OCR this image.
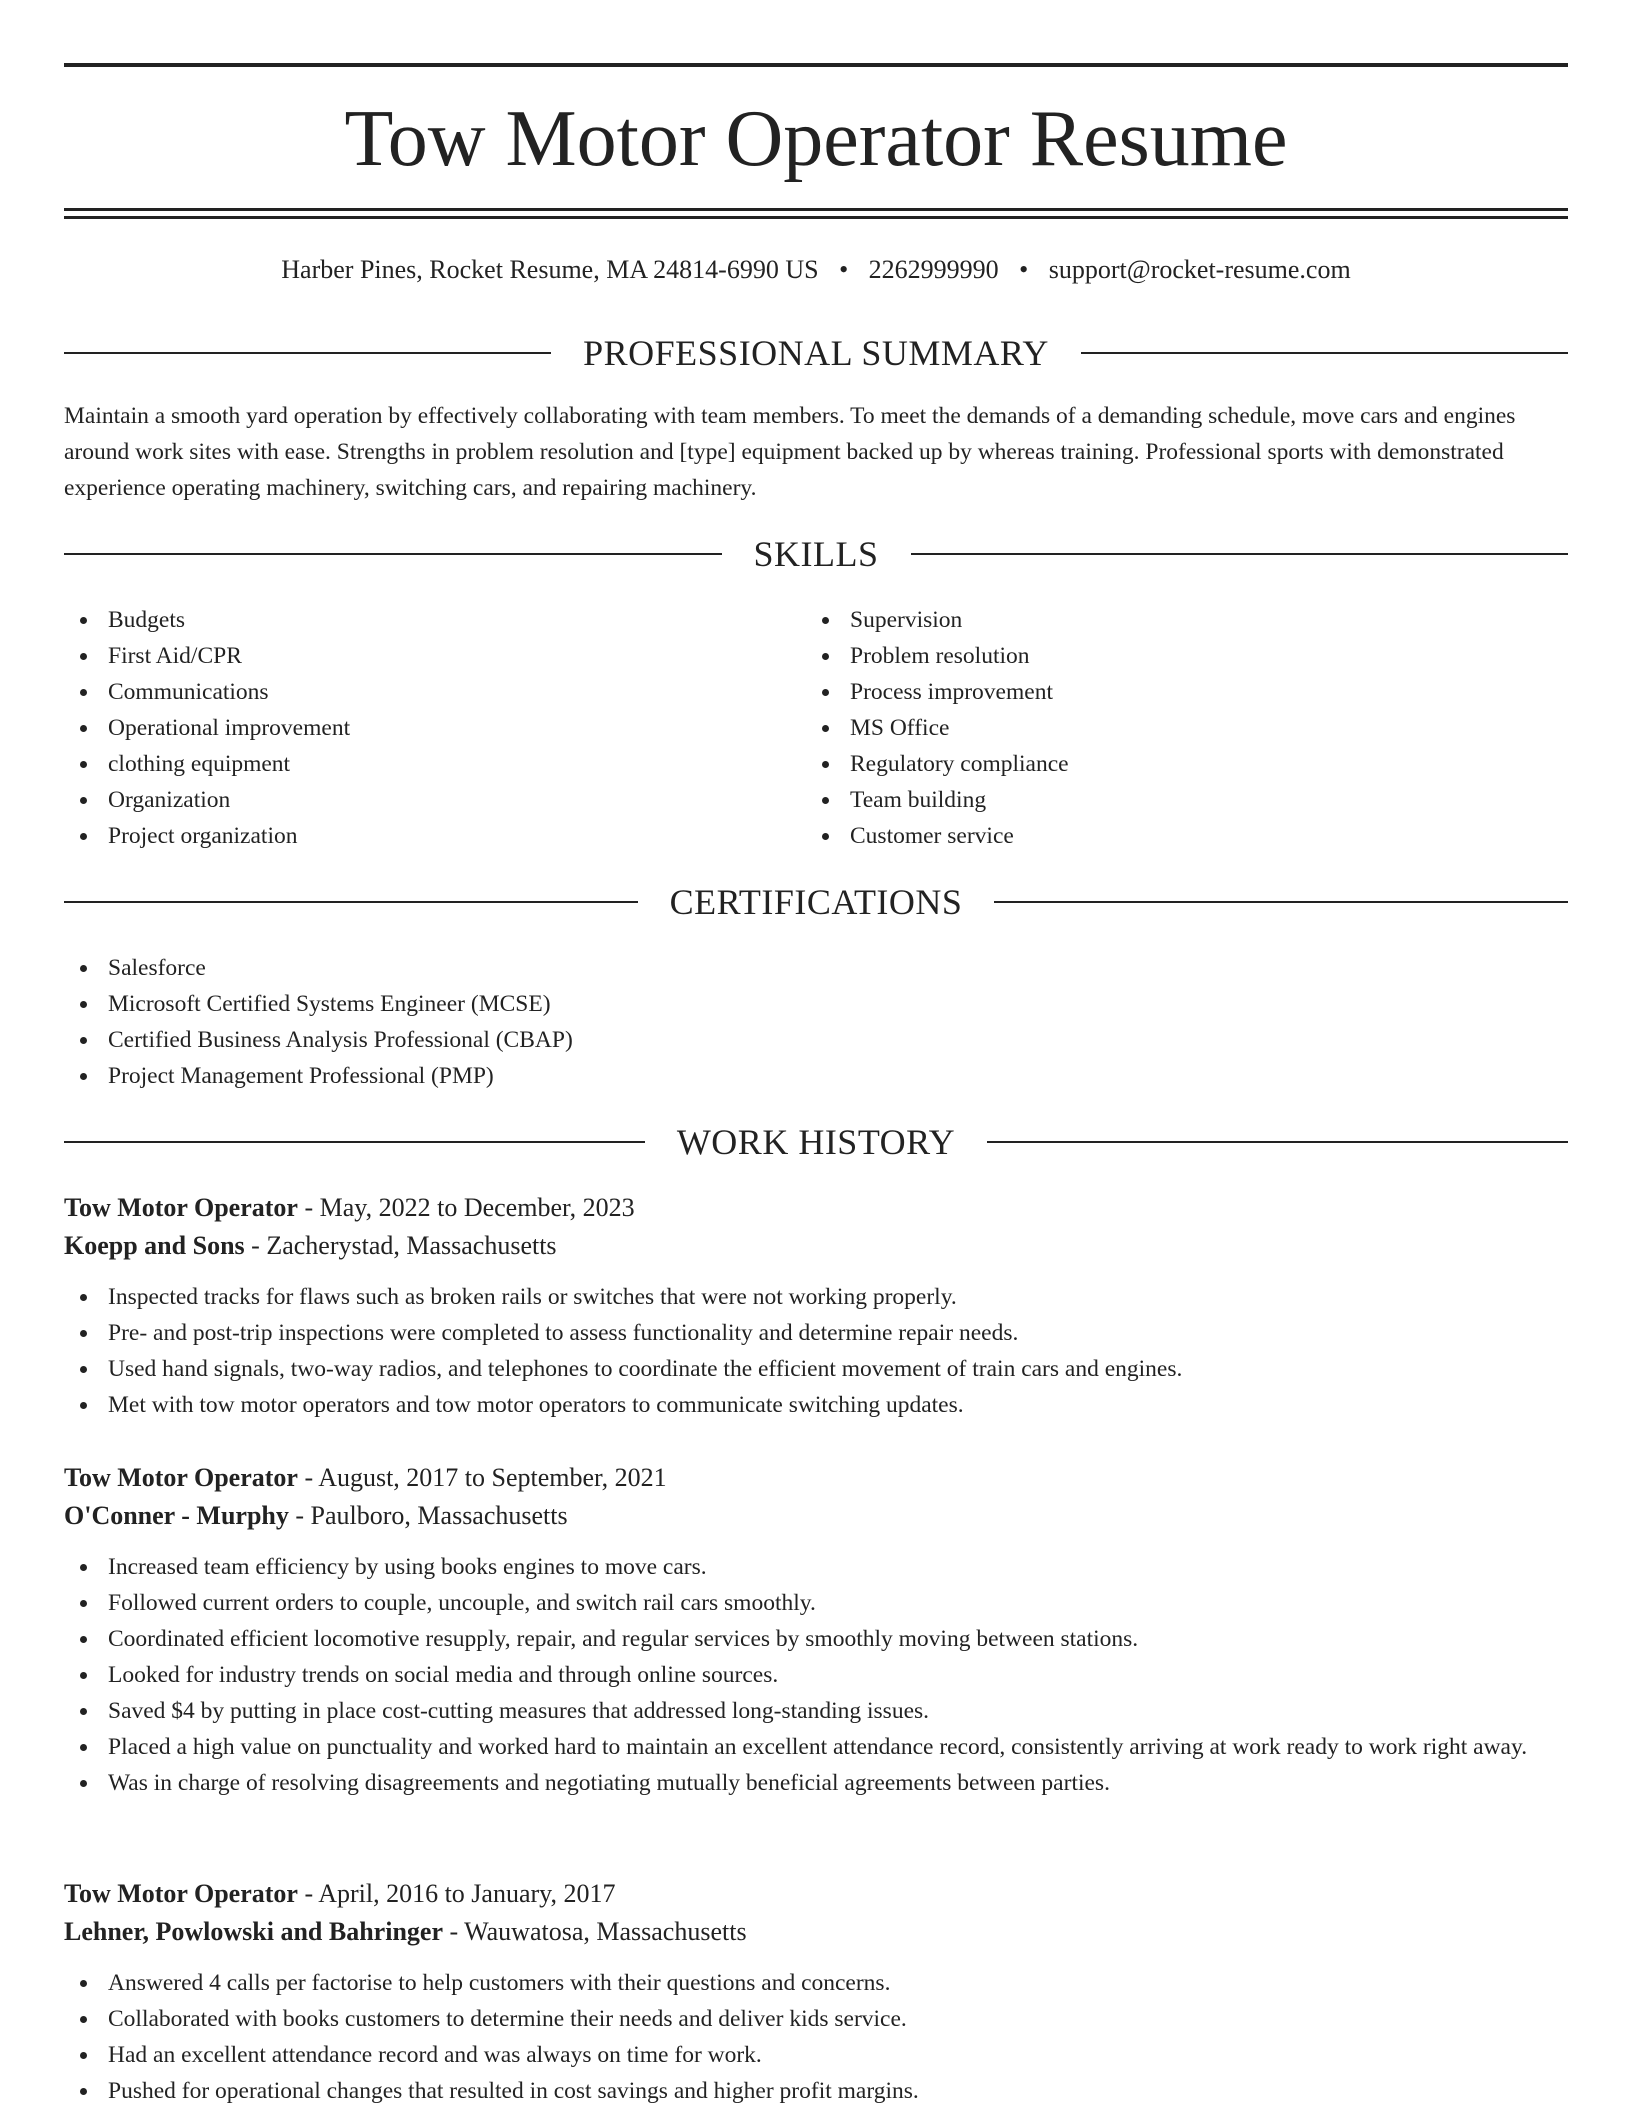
Tow Motor Operator Resume
Harber Pines, Rocket Resume, MA 24814-6990 US • 2262999990 • support@rocket-resume.com
PROFESSIONAL SUMMARY

Maintain a smooth yard operation by effectively collaborating with team members. To meet the demands of a demanding schedule, move cars and engines around work sites with ease. Strengths in problem resolution and [type] equipment backed up by whereas training. Professional sports with demonstrated experience operating machinery, switching cars, and repairing machinery.

SKILLS
Budgets
First Aid/CPR
Communications
Operational improvement
clothing equipment
Organization
Project organization
Supervision
Problem resolution
Process improvement
MS Office
Regulatory compliance
Team building
Customer service
CERTIFICATIONS
Salesforce
Microsoft Certified Systems Engineer (MCSE)
Certified Business Analysis Professional (CBAP)
Project Management Professional (PMP)
WORK HISTORY
Tow Motor Operator - May, 2022 to December, 2023
Koepp and Sons - Zacherystad, Massachusetts
Inspected tracks for flaws such as broken rails or switches that were not working properly.
Pre- and post-trip inspections were completed to assess functionality and determine repair needs.
Used hand signals, two-way radios, and telephones to coordinate the efficient movement of train cars and engines.
Met with tow motor operators and tow motor operators to communicate switching updates.
Tow Motor Operator - August, 2017 to September, 2021
O'Conner - Murphy - Paulboro, Massachusetts
Increased team efficiency by using books engines to move cars.
Followed current orders to couple, uncouple, and switch rail cars smoothly.
Coordinated efficient locomotive resupply, repair, and regular services by smoothly moving between stations.
Looked for industry trends on social media and through online sources.
Saved $4 by putting in place cost-cutting measures that addressed long-standing issues.
Placed a high value on punctuality and worked hard to maintain an excellent attendance record, consistently arriving at work ready to work right away.
Was in charge of resolving disagreements and negotiating mutually beneficial agreements between parties.
Tow Motor Operator - April, 2016 to January, 2017
Lehner, Powlowski and Bahringer - Wauwatosa, Massachusetts
Answered 4 calls per factorise to help customers with their questions and concerns.
Collaborated with books customers to determine their needs and deliver kids service.
Had an excellent attendance record and was always on time for work.
Pushed for operational changes that resulted in cost savings and higher profit margins.
